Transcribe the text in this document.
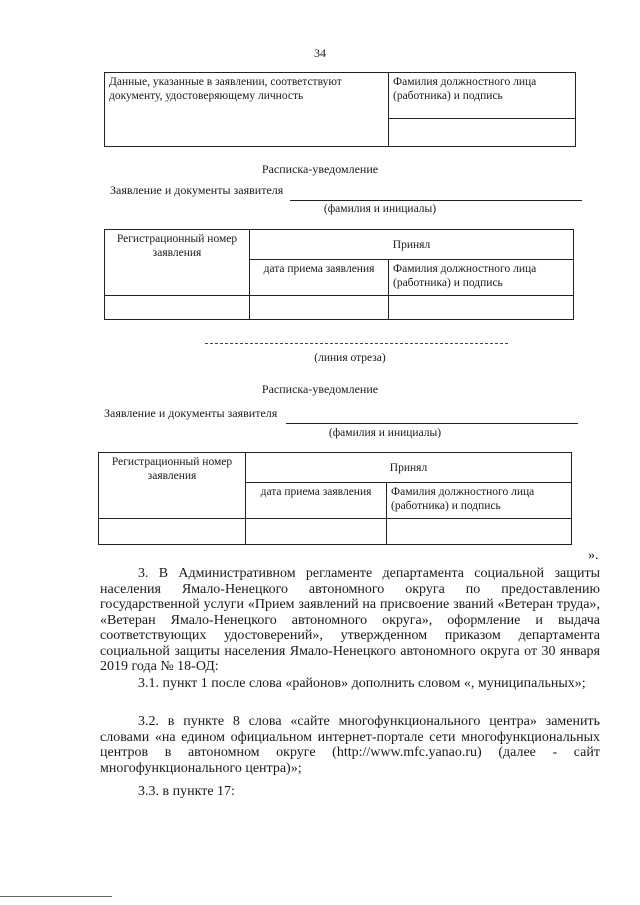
34
Данные, указанные в заявлении, соответствуют документу, удостоверяющему личность	Фамилия должностного лица (работника) и подпись

Расписка-уведомление
Заявление и документы заявителя
(фамилия и инициалы)
Регистрационный номер заявления	Принял	
	дата приема заявления	Фамилия должностного лица (работника) и подпись

(линия отреза)
Расписка-уведомление
Заявление и документы заявителя
(фамилия и инициалы)
Регистрационный номер заявления	Принял	
	дата приема заявления	Фамилия должностного лица (работника) и подпись

».
3. В Административном регламенте департамента социальной защиты населения Ямало-Ненецкого автономного округа по предоставлению государственной услуги «Прием заявлений на присвоение званий «Ветеран труда», «Ветеран Ямало-Ненецкого автономного округа», оформление и выдача соответствующих удостоверений», утвержденном приказом департамента социальной защиты населения Ямало-Ненецкого автономного округа от 30 января 2019 года № 18-ОД:
3.1. пункт 1 после слова «районов» дополнить словом «, муниципальных»;
3.2. в пункте 8 слова «сайте многофункционального центра» заменить словами «на едином официальном интернет-портале сети многофункциональных центров в автономном округе (http://www.mfc.yanao.ru) (далее - сайт многофункционального центра)»;
3.3. в пункте 17:
